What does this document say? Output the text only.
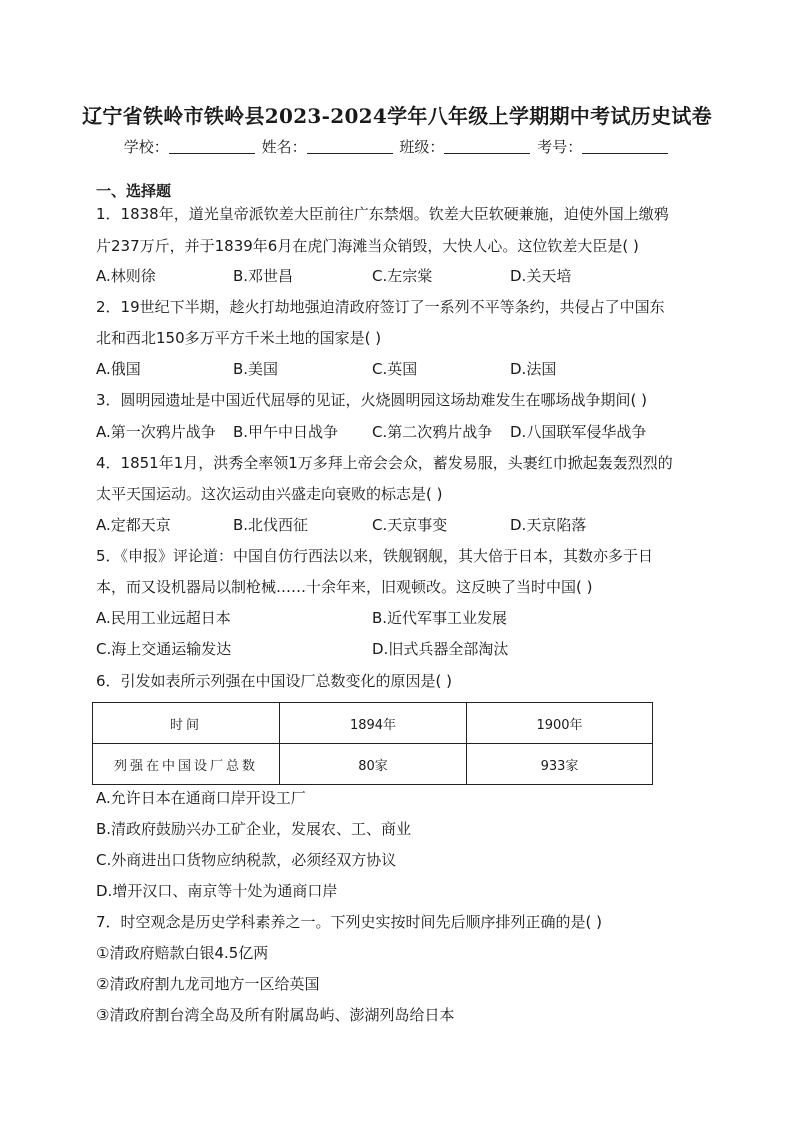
辽宁省铁岭市铁岭县2023-2024学年八年级上学期期中考试历史试卷
学校：	姓名：	班级：	考号：
一、选择题
1．1838年，道光皇帝派钦差大臣前往广东禁烟。钦差大臣软硬兼施，迫使外国上缴鸦
片237万斤，并于1839年6月在虎门海滩当众销毁，大快人心。这位钦差大臣是( )
A.林则徐	B.邓世昌	C.左宗棠	D.关天培
2．19世纪下半期，趁火打劫地强迫清政府签订了一系列不平等条约，共侵占了中国东
北和西北150多万平方千米土地的国家是( )
A.俄国	B.美国	C.英国	D.法国
3．圆明园遗址是中国近代屈辱的见证，火烧圆明园这场劫难发生在哪场战争期间( )
A.第一次鸦片战争 B.甲午中日战争 C.第二次鸦片战争 D.八国联军侵华战争
4．1851年1月，洪秀全率领1万多拜上帝会会众，蓄发易服，头裹红巾掀起轰轰烈烈的
太平天国运动。这次运动由兴盛走向衰败的标志是( )
A.定都天京	B.北伐西征	C.天京事变	D.天京陷落
5．《申报》评论道：中国自仿行西法以来，铁舰钢舰，其大倍于日本，其数亦多于日
本，而又设机器局以制枪械……十余年来，旧观顿改。这反映了当时中国( )
A.民用工业远超日本	B.近代军事工业发展
C.海上交通运输发达	D.旧式兵器全部淘汰
6．引发如表所示列强在中国设厂总数变化的原因是( )
时间	1894年	1900年
列强在中国设厂总数	80家	933家
A.允许日本在通商口岸开设工厂
B.清政府鼓励兴办工矿企业，发展农、工、商业
C.外商进出口货物应纳税款，必须经双方协议
D.增开汉口、南京等十处为通商口岸
7．时空观念是历史学科素养之一。下列史实按时间先后顺序排列正确的是( )
①清政府赔款白银4.5亿两
②清政府割九龙司地方一区给英国
③清政府割台湾全岛及所有附属岛屿、澎湖列岛给日本
